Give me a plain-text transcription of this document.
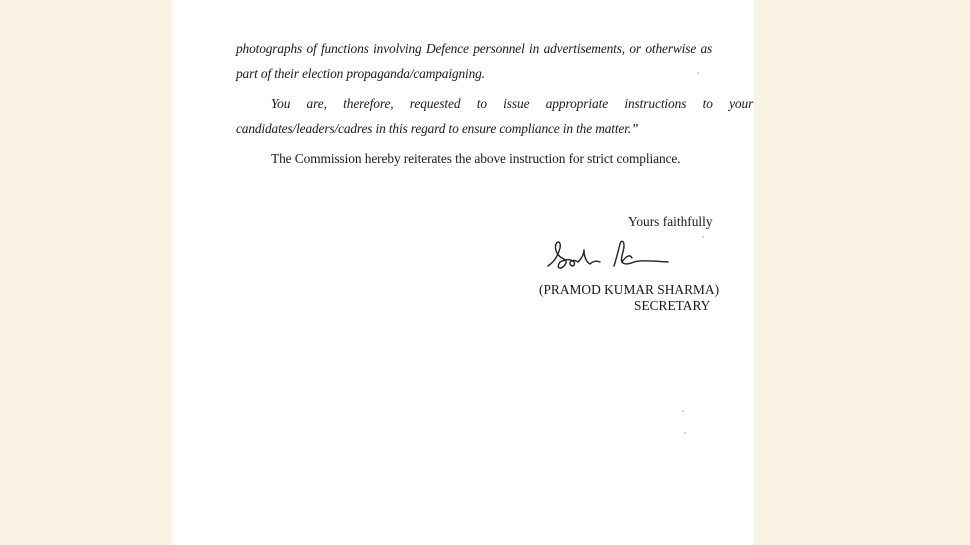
photographs of functions involving Defence personnel in advertisements, or otherwise as
part of their election propaganda/campaigning.
You are, therefore, requested to issue appropriate instructions to your
candidates/leaders/cadres in this regard to ensure compliance in the matter.”
The Commission hereby reiterates the above instruction for strict compliance.
Yours faithfully
(PRAMOD KUMAR SHARMA)
SECRETARY
